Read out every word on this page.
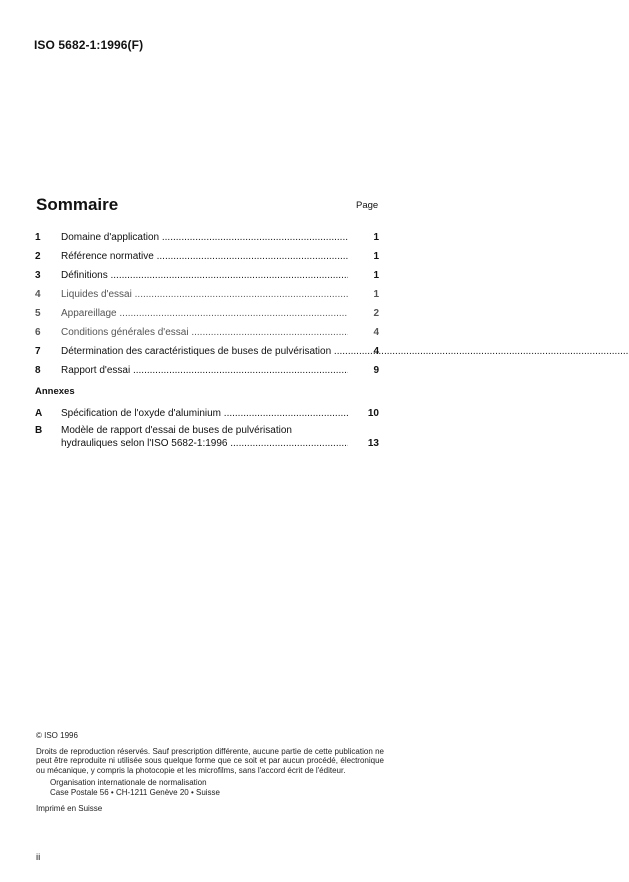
ISO 5682-1:1996(F)
Sommaire	Page
1	Domaine d'application .....	1
2	Référence normative .....	1
3	Définitions .....	1
4	Liquides d'essai .....	1
5	Appareillage .....	2
6	Conditions générales d'essai .....	4
7	Détermination des caractéristiques de buses de pulvérisation .....	4
8	Rapport d'essai .....	9
Annexes
A	Spécification de l'oxyde d'aluminium .....	10
B	Modèle de rapport d'essai de buses de pulvérisation
hydrauliques selon l'ISO 5682-1:1996 .....	13
© ISO 1996
Droits de reproduction réservés. Sauf prescription différente, aucune partie de cette publication ne peut être reproduite ni utilisée sous quelque forme que ce soit et par aucun procédé, électronique ou mécanique, y compris la photocopie et les microfilms, sans l'accord écrit de l'éditeur.
Organisation internationale de normalisation
Case Postale 56 • CH-1211 Genève 20 • Suisse
Imprimé en Suisse
ii
